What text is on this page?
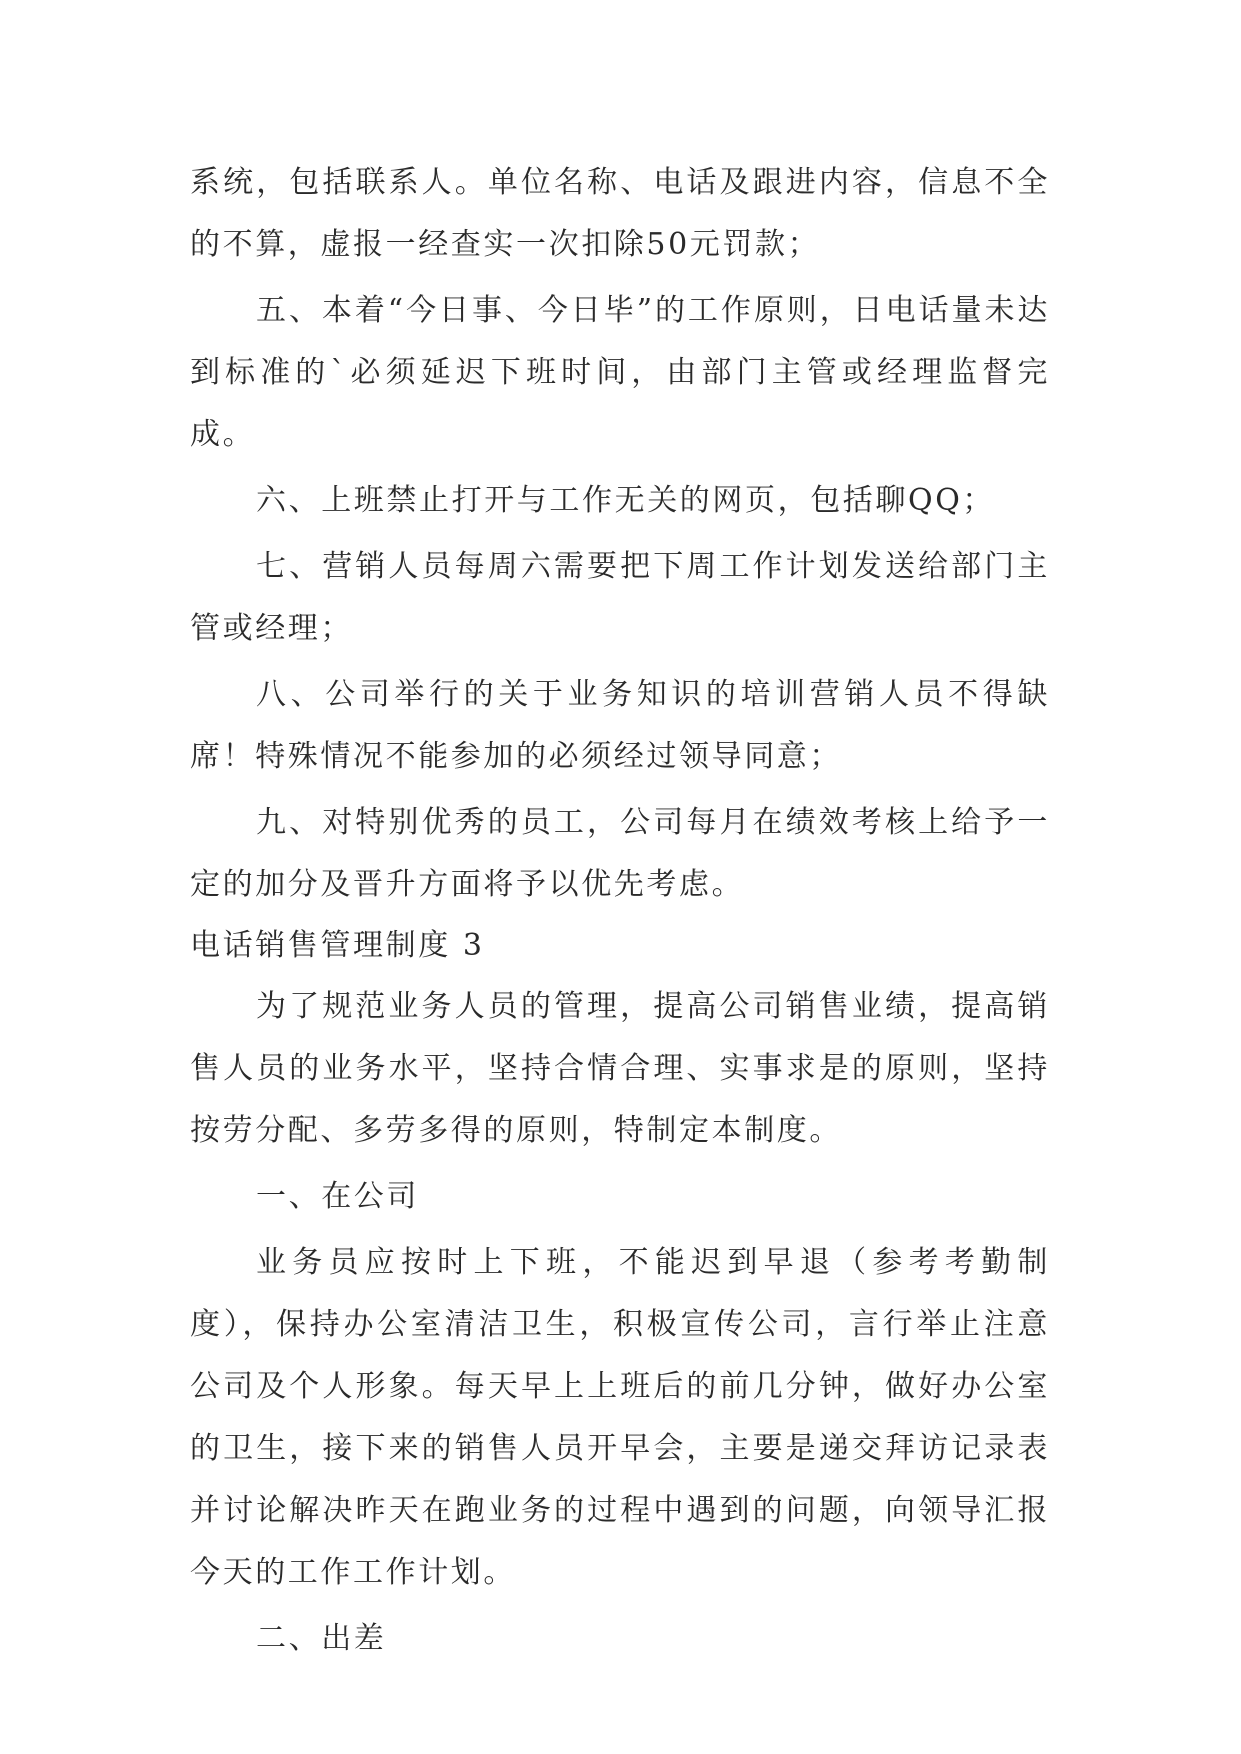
系统，包括联系人。单位名称、电话及跟进内容，信息不全的不算，虚报一经查实一次扣除50元罚款；

五、本着“今日事、今日毕”的工作原则，日电话量未达到标准的`必须延迟下班时间，由部门主管或经理监督完成。

六、上班禁止打开与工作无关的网页，包括聊QQ；

七、营销人员每周六需要把下周工作计划发送给部门主管或经理；

八、公司举行的关于业务知识的培训营销人员不得缺席！特殊情况不能参加的必须经过领导同意；

九、对特别优秀的员工，公司每月在绩效考核上给予一定的加分及晋升方面将予以优先考虑。

电话销售管理制度 3

为了规范业务人员的管理，提高公司销售业绩，提高销售人员的业务水平，坚持合情合理、实事求是的原则，坚持按劳分配、多劳多得的原则，特制定本制度。

一、在公司

业务员应按时上下班，不能迟到早退（参考考勤制度），保持办公室清洁卫生，积极宣传公司，言行举止注意公司及个人形象。每天早上上班后的前几分钟，做好办公室的卫生，接下来的销售人员开早会，主要是递交拜访记录表并讨论解决昨天在跑业务的过程中遇到的问题，向领导汇报今天的工作工作计划。

二、出差
